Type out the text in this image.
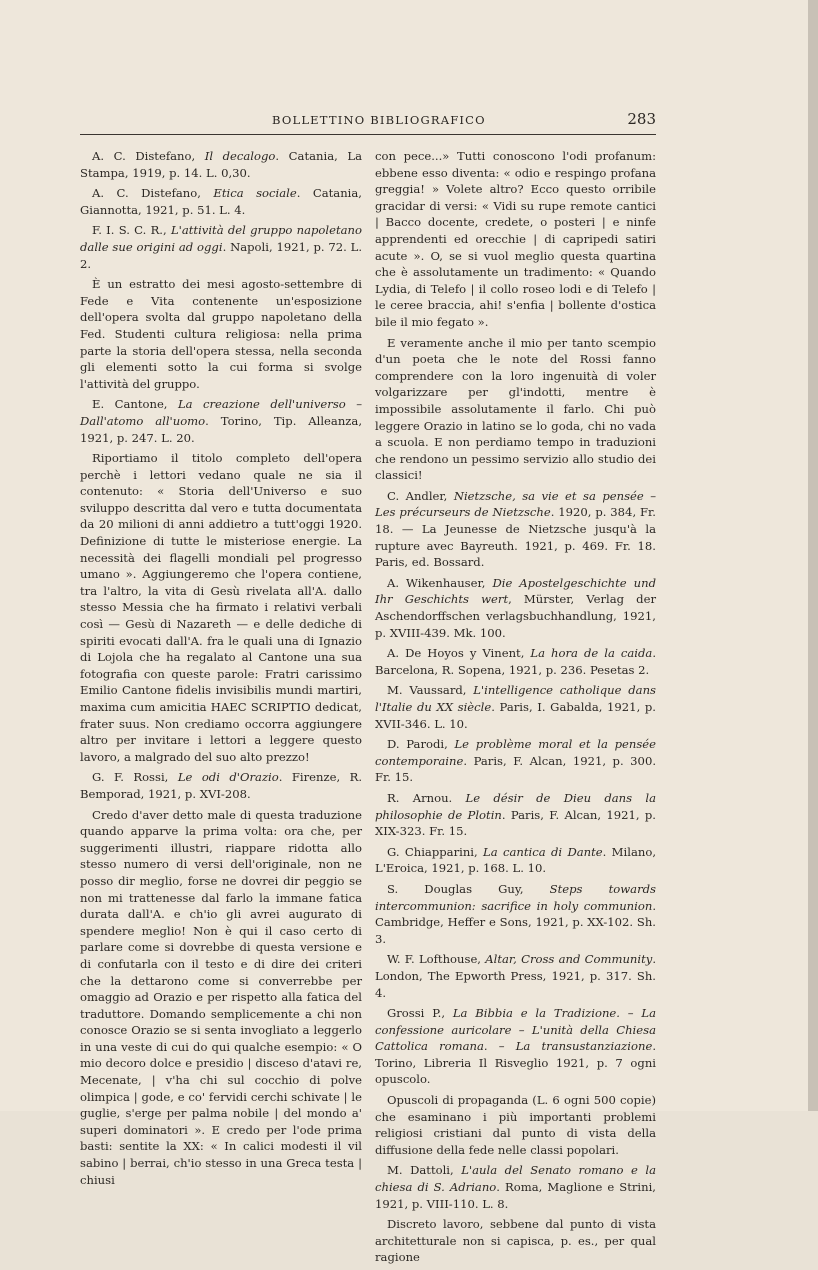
BOLLETTINO BIBLIOGRAFICO	283

A. C. Distefano, Il decalogo. Catania, La Stampa, 1919, p. 14. L. 0,30.

A. C. Distefano, Etica sociale. Catania, Giannotta, 1921, p. 51. L. 4.

F. I. S. C. R., L'attività del gruppo napoletano dalle sue origini ad oggi. Napoli, 1921, p. 72. L. 2.

È un estratto dei mesi agosto-settembre di Fede e Vita contenente un'esposizione dell'opera svolta dal gruppo napoletano della Fed. Studenti cultura religiosa: nella prima parte la storia dell'opera stessa, nella seconda gli elementi sotto la cui forma si svolge l'attività del gruppo.

E. Cantone, La creazione dell'universo – Dall'atomo all'uomo. Torino, Tip. Alleanza, 1921, p. 247. L. 20.

Riportiamo il titolo completo dell'opera perchè i lettori vedano quale ne sia il contenuto: « Storia dell'Universo e suo sviluppo descritta dal vero e tutta documentata da 20 milioni di anni addietro a tutt'oggi 1920. Definizione di tutte le misteriose energie. La necessità dei flagelli mondiali pel progresso umano ». Aggiungeremo che l'opera contiene, tra l'altro, la vita di Gesù rivelata all'A. dallo stesso Messia che ha firmato i relativi verbali così — Gesù di Nazareth — e delle dediche di spiriti evocati dall'A. fra le quali una di Ignazio di Lojola che ha regalato al Cantone una sua fotografia con queste parole: Fratri carissimo Emilio Cantone fidelis invisibilis mundi martiri, maxima cum amicitia HAEC SCRIPTIO dedicat, frater suus. Non crediamo occorra aggiungere altro per invitare i lettori a leggere questo lavoro, a malgrado del suo alto prezzo!

G. F. Rossi, Le odi d'Orazio. Firenze, R. Bemporad, 1921, p. XVI-208.

Credo d'aver detto male di questa traduzione quando apparve la prima volta: ora che, per suggerimenti illustri, riappare ridotta allo stesso numero di versi dell'originale, non ne posso dir meglio, forse ne dovrei dir peggio se non mi trattenesse dal farlo la immane fatica durata dall'A. e ch'io gli avrei augurato di spendere meglio! Non è qui il caso certo di parlare come si dovrebbe di questa versione e di confutarla con il testo e di dire dei criteri che la dettarono come si converrebbe per omaggio ad Orazio e per rispetto alla fatica del traduttore. Domando semplicemente a chi non conosce Orazio se si senta invogliato a leggerlo in una veste di cui do qui qualche esempio: « O mio decoro dolce e presidio | disceso d'atavi re, Mecenate, | v'ha chi sul cocchio di polve olimpica | gode, e co' fervidi cerchi schivate | le guglie, s'erge per palma nobile | del mondo a' superi dominatori ». E credo per l'ode prima basti: sentite la XX: « In calici modesti il vil sabino | berrai, ch'io stesso in una Greca testa | chiusi

con pece...» Tutti conoscono l'odi profanum: ebbene esso diventa: « odio e respingo profana greggia! » Volete altro? Ecco questo orribile gracidar di versi: « Vidi su rupe remote cantici | Bacco docente, credete, o posteri | e ninfe apprendenti ed orecchie | di capripedi satiri acute ». O, se si vuol meglio questa quartina che è assolutamente un tradimento: « Quando Lydia, di Telefo | il collo roseo lodi e di Telefo | le ceree braccia, ahi! s'enfia | bollente d'ostica bile il mio fegato ».

E veramente anche il mio per tanto scempio d'un poeta che le note del Rossi fanno comprendere con la loro ingenuità di voler volgarizzare per gl'indotti, mentre è impossibile assolutamente il farlo. Chi può leggere Orazio in latino se lo goda, chi no vada a scuola. E non perdiamo tempo in traduzioni che rendono un pessimo servizio allo studio dei classici!

C. Andler, Nietzsche, sa vie et sa pensée – Les précurseurs de Nietzsche. 1920, p. 384, Fr. 18. — La Jeunesse de Nietzsche jusqu'à la rupture avec Bayreuth. 1921, p. 469. Fr. 18. Paris, ed. Bossard.

A. Wikenhauser, Die Apostelgeschichte und Ihr Geschichts wert, Mürster, Verlag der Aschendorffschen verlagsbuchhandlung, 1921, p. XVIII-439. Mk. 100.

A. De Hoyos y Vinent, La hora de la caida. Barcelona, R. Sopena, 1921, p. 236. Pesetas 2.

M. Vaussard, L'intelligence catholique dans l'Italie du XX siècle. Paris, I. Gabalda, 1921, p. XVII-346. L. 10.

D. Parodi, Le problème moral et la pensée contemporaine. Paris, F. Alcan, 1921, p. 300. Fr. 15.

R. Arnou. Le désir de Dieu dans la philosophie de Plotin. Paris, F. Alcan, 1921, p. XIX-323. Fr. 15.

G. Chiapparini, La cantica di Dante. Milano, L'Eroica, 1921, p. 168. L. 10.

S. Douglas Guy, Steps towards intercommunion: sacrifice in holy communion. Cambridge, Heffer e Sons, 1921, p. XX-102. Sh. 3.

W. F. Lofthouse, Altar, Cross and Community. London, The Epworth Press, 1921, p. 317. Sh. 4.

Grossi P., La Bibbia e la Tradizione. – La confessione auricolare – L'unità della Chiesa Cattolica romana. – La transustanziazione. Torino, Libreria Il Risveglio 1921, p. 7 ogni opuscolo.

Opuscoli di propaganda (L. 6 ogni 500 copie) che esaminano i più importanti problemi religiosi cristiani dal punto di vista della diffusione della fede nelle classi popolari.

M. Dattoli, L'aula del Senato romano e la chiesa di S. Adriano. Roma, Maglione e Strini, 1921, p. VIII-110. L. 8.

Discreto lavoro, sebbene dal punto di vista architetturale non si capisca, p. es., per qual ragione
